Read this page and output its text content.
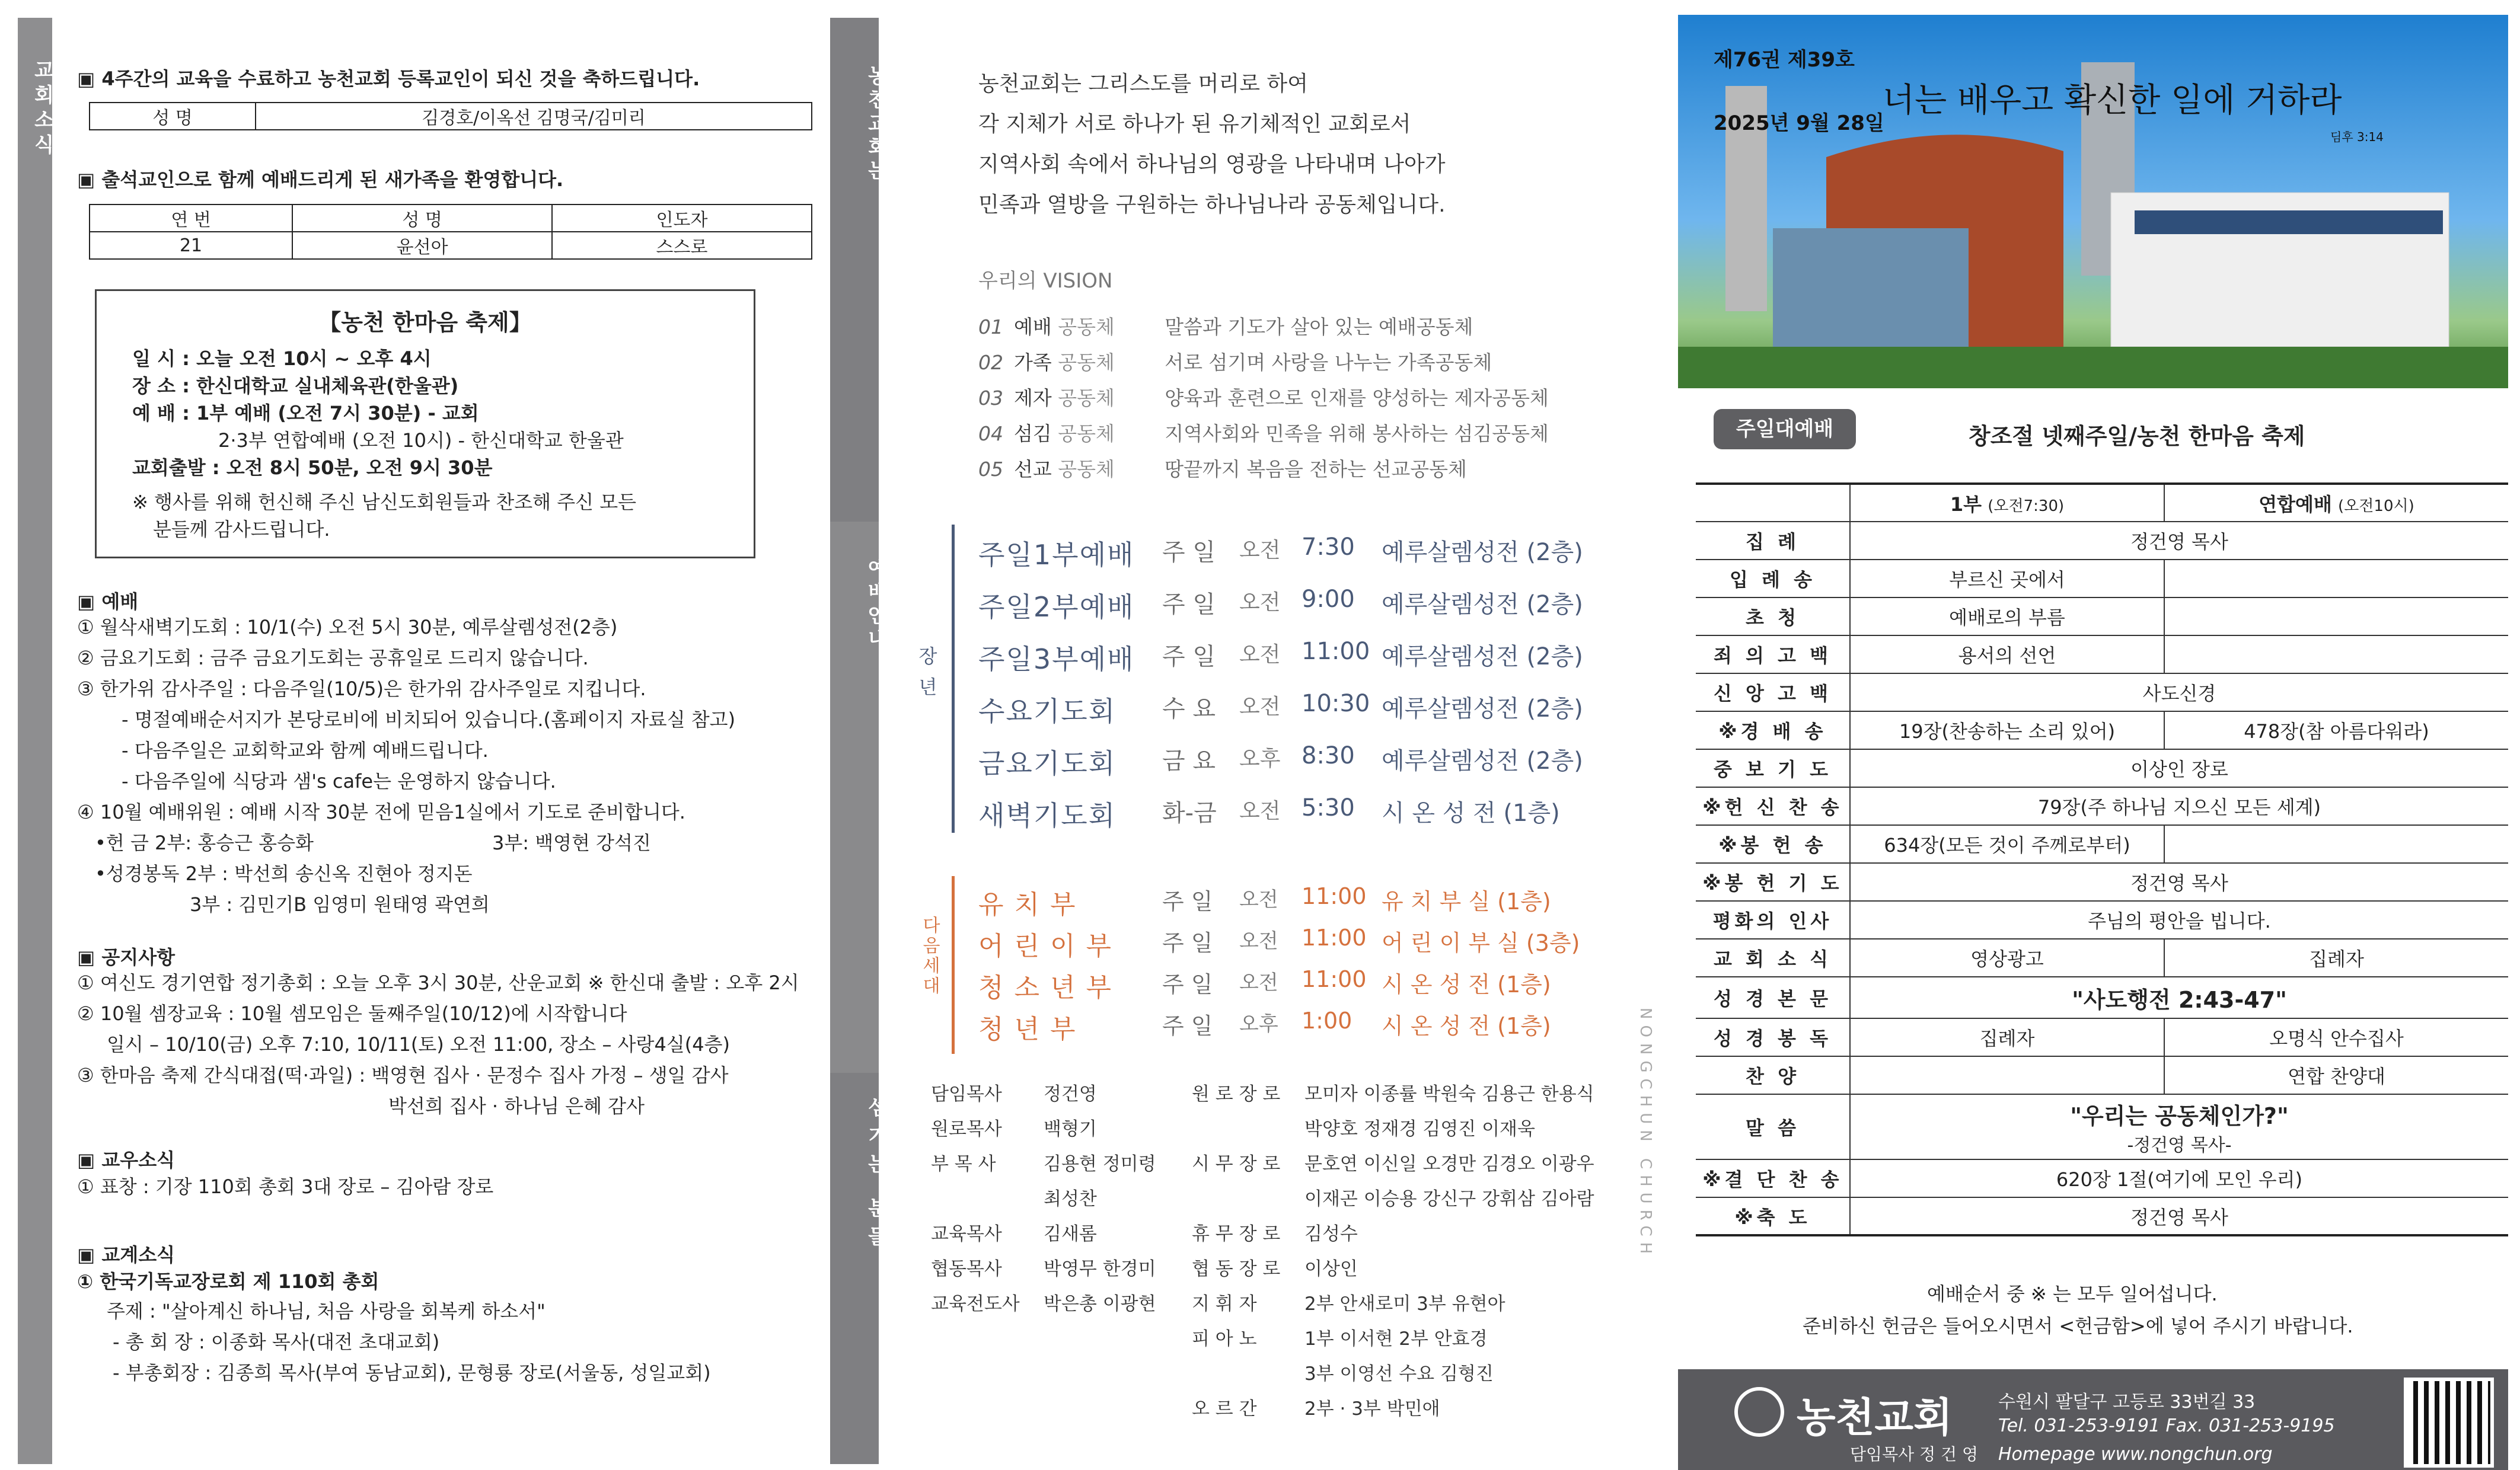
교회소식 ▣ 4주간의 교육을 수료하고 농천교회 등록교인이 되신 것을 축하드립니다.
성 명	김경호/이옥선 김명국/김미리
▣ 출석교인으로 함께 예배드리게 된 새가족을 환영합니다.
연 번	성 명	인도자
21	윤선아	스스로
【농천 한마음 축제】
일 시 : 오늘 오전 10시 ~ 오후 4시
장 소 : 한신대학교 실내체육관(한울관)
예 배 : 1부 예배 (오전 7시 30분) - 교회
2·3부 연합예배 (오전 10시) - 한신대학교 한울관
교회출발 : 오전 8시 50분, 오전 9시 30분
※ 행사를 위해 헌신해 주신 남신도회원들과 찬조해 주신 모든
분들께 감사드립니다.
▣ 예배
① 월삭새벽기도회 : 10/1(수) 오전 5시 30분, 예루살렘성전(2층)
② 금요기도회 : 금주 금요기도회는 공휴일로 드리지 않습니다.
③ 한가위 감사주일 : 다음주일(10/5)은 한가위 감사주일로 지킵니다.
- 명절예배순서지가 본당로비에 비치되어 있습니다.(홈페이지 자료실 참고)
- 다음주일은 교회학교와 함께 예배드립니다.
- 다음주일에 식당과 샘's cafe는 운영하지 않습니다.
④ 10월 예배위원 : 예배 시작 30분 전에 믿음1실에서 기도로 준비합니다.
•헌 금 2부: 홍승근 홍승화	3부: 백영현 강석진
•성경봉독 2부 : 박선희 송신옥 진현아 정지돈
3부 : 김민기B 임영미 원태영 곽연희
▣ 공지사항
① 여신도 경기연합 정기총회 : 오늘 오후 3시 30분, 산운교회 ※ 한신대 출발 : 오후 2시
② 10월 셈장교육 : 10월 셈모임은 둘째주일(10/12)에 시작합니다
일시 – 10/10(금) 오후 7:10, 10/11(토) 오전 11:00, 장소 – 사랑4실(4층)
③ 한마음 축제 간식대접(떡·과일) : 백영현 집사 · 문정수 집사 가정 – 생일 감사
박선희 집사 · 하나님 은혜 감사
▣ 교우소식
① 표창 : 기장 110회 총회 3대 장로 – 김아람 장로
▣ 교계소식
① 한국기독교장로회 제 110회 총회
주제 : "살아계신 하나님, 처음 사랑을 회복케 하소서"
- 총 회 장 : 이종화 목사(대전 초대교회)
- 부총회장 : 김종희 목사(부여 동남교회), 문형룡 장로(서울동, 성일교회)
농천교회는
예배안내
섬기는 분들
장년
다음세대
농천교회는 그리스도를 머리로 하여
각 지체가 서로 하나가 된 유기체적인 교회로서
지역사회 속에서 하나님의 영광을 나타내며 나아가
민족과 열방을 구원하는 하나님나라 공동체입니다.
우리의 VISION
01 예배 공동체	말씀과 기도가 살아 있는 예배공동체
02 가족 공동체	서로 섬기며 사랑을 나누는 가족공동체
03 제자 공동체	양육과 훈련으로 인재를 양성하는 제자공동체
04 섬김 공동체	지역사회와 민족을 위해 봉사하는 섬김공동체
05 선교 공동체	땅끝까지 복음을 전하는 선교공동체
주일1부예배 주 일 오전 7:30 예루살렘성전 (2층)
주일2부예배 주 일 오전 9:00 예루살렘성전 (2층)
주일3부예배 주 일 오전 11:00 예루살렘성전 (2층)
수요기도회 수 요 오전 10:30 예루살렘성전 (2층)
금요기도회 금 요 오후 8:30 예루살렘성전 (2층)
새벽기도회 화-금 오전 5:30 시 온 성 전 (1층)
유 치 부	주 일 오전 11:00 유 치 부 실 (1층)
어 린 이 부 주 일 오전 11:00 어 린 이 부 실 (3층)
청 소 년 부 주 일 오전 11:00 시 온 성 전 (1층)
청 년 부	주 일 오후 1:00 시 온 성 전 (1층)
담임목사 정건영
원로목사 백형기
부 목 사	김용현 정미령
최성찬
교육목사 김새롬
협동목사 박영무 한경미
교육전도사 박은총 이광현
원 로 장 로 모미자 이종률 박원숙 김용근 한용식
박양호 정재경 김영진 이재욱
시 무 장 로 문호연 이신일 오경만 김경오 이광우
이재곤 이승용 강신구 강휘삼 김아람
휴 무 장 로 김성수
협 동 장 로 이상인
지 휘 자	2부 안새로미 3부 유현아
피 아 노	1부 이서현 2부 안효경
3부 이영선 수요 김형진
오 르 간	2부 · 3부 박민애
NONGCHUN CHURCH
제76권 제39호
2025년 9월 28일
너는 배우고 확신한 일에 거하라
딤후 3:14
주일대예배	창조절 넷째주일/농천 한마음 축제
	1부 (오전7:30)	연합예배 (오전10시)
집 례	정건영 목사	

입 례 송	부르신 곳에서	
초 청	예배로의 부름	
죄 의 고 백	용서의 선언	
신 앙 고 백	사도신경	

※경 배 송	19장(찬송하는 소리 있어)	478장(참 아름다워라)
중 보 기 도	이상인 장로	

※헌 신 찬 송	79장(주 하나님 지으신 모든 세계)	

※봉 헌 송	634장(모든 것이 주께로부터)	
※봉 헌 기 도	정건영 목사	

평화의 인사	주님의 평안을 빕니다.	

교 회 소 식	영상광고	집례자
성 경 본 문	"사도행전 2:43-47"	

성 경 봉 독	집례자	오명식 안수집사
찬 양		연합 찬양대
말 씀	"우리는 공동체인가?"
-정건영 목사-	

※결 단 찬 송	620장 1절(여기에 모인 우리)	

※축 도	정건영 목사	
예배순서 중 ※ 는 모두 일어섭니다.
준비하신 헌금은 들어오시면서 <헌금함>에 넣어 주시기 바랍니다.
농천교회
담임목사 정 건 영
수원시 팔달구 고등로 33번길 33
Tel. 031-253-9191 Fax. 031-253-9195
Homepage www.nongchun.org
